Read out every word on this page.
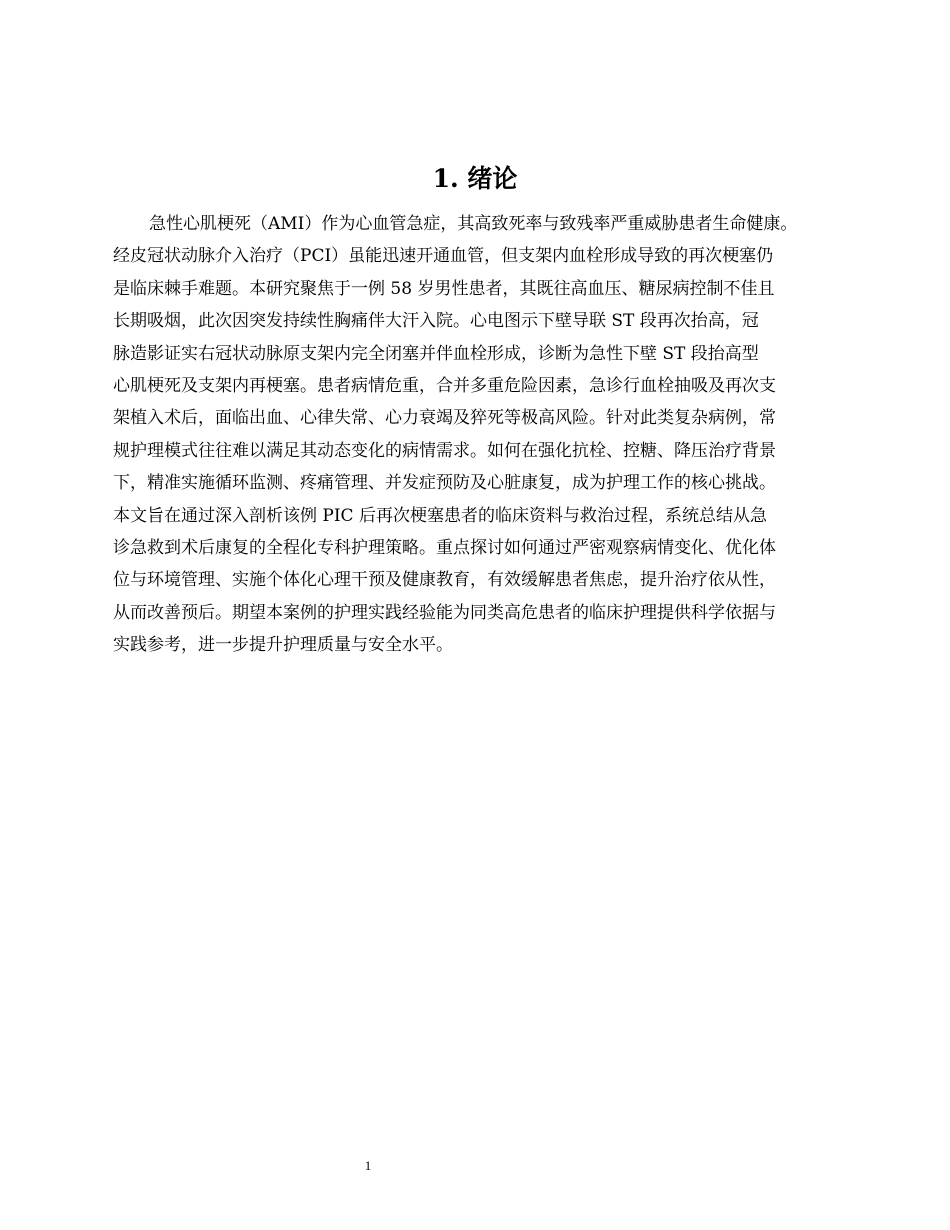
1. 绪论
急性心肌梗死（AMI）作为心血管急症，其高致死率与致残率严重威胁患者生命健康。
经皮冠状动脉介入治疗（PCI）虽能迅速开通血管，但支架内血栓形成导致的再次梗塞仍
是临床棘手难题。本研究聚焦于一例 58 岁男性患者，其既往高血压、糖尿病控制不佳且
长期吸烟，此次因突发持续性胸痛伴大汗入院。心电图示下壁导联 ST 段再次抬高，冠
脉造影证实右冠状动脉原支架内完全闭塞并伴血栓形成，诊断为急性下壁 ST 段抬高型
心肌梗死及支架内再梗塞。患者病情危重，合并多重危险因素，急诊行血栓抽吸及再次支
架植入术后，面临出血、心律失常、心力衰竭及猝死等极高风险。针对此类复杂病例，常
规护理模式往往难以满足其动态变化的病情需求。如何在强化抗栓、控糖、降压治疗背景
下，精准实施循环监测、疼痛管理、并发症预防及心脏康复，成为护理工作的核心挑战。
本文旨在通过深入剖析该例 PIC 后再次梗塞患者的临床资料与救治过程，系统总结从急
诊急救到术后康复的全程化专科护理策略。重点探讨如何通过严密观察病情变化、优化体
位与环境管理、实施个体化心理干预及健康教育，有效缓解患者焦虑，提升治疗依从性，
从而改善预后。期望本案例的护理实践经验能为同类高危患者的临床护理提供科学依据与
实践参考，进一步提升护理质量与安全水平。
1
